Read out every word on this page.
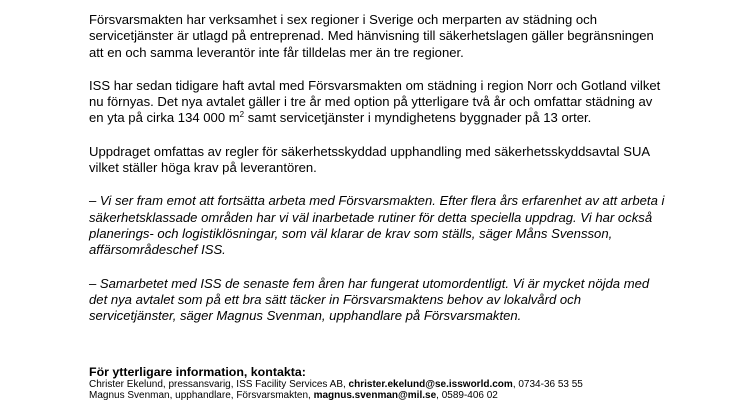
Försvarsmakten har verksamhet i sex regioner i Sverige och merparten av städning och servicetjänster är utlagd på entreprenad. Med hänvisning till säkerhetslagen gäller begränsningen att en och samma leverantör inte får tilldelas mer än tre regioner.

ISS har sedan tidigare haft avtal med Försvarsmakten om städning i region Norr och Gotland vilket nu förnyas. Det nya avtalet gäller i tre år med option på ytterligare två år och omfattar städning av en yta på cirka 134 000 $m^2$ samt servicetjänster i myndighetens byggnader på 13 orter.

Uppdraget omfattas av regler för säkerhetsskyddad upphandling med säkerhetsskyddsavtal SUA vilket ställer höga krav på leverantören.

– Vi ser fram emot att fortsätta arbeta med Försvarsmakten. Efter flera års erfarenhet av att arbeta i säkerhetsklassade områden har vi väl inarbetade rutiner för detta speciella uppdrag. Vi har också planerings- och logistiklösningar, som väl klarar de krav som ställs, säger Måns Svensson, affärsområdeschef ISS.

– Samarbetet med ISS de senaste fem åren har fungerat utomordentligt. Vi är mycket nöjda med det nya avtalet som på ett bra sätt täcker in Försvarsmaktens behov av lokalvård och servicetjänster, säger Magnus Svenman, upphandlare på Försvarsmakten.

För ytterligare information, kontakta:

Christer Ekelund, pressansvarig, ISS Facility Services AB, christer.ekelund@se.issworld.com, 0734-36 53 55

Magnus Svenman, upphandlare, Försvarsmakten, magnus.svenman@mil.se, 0589-406 02
